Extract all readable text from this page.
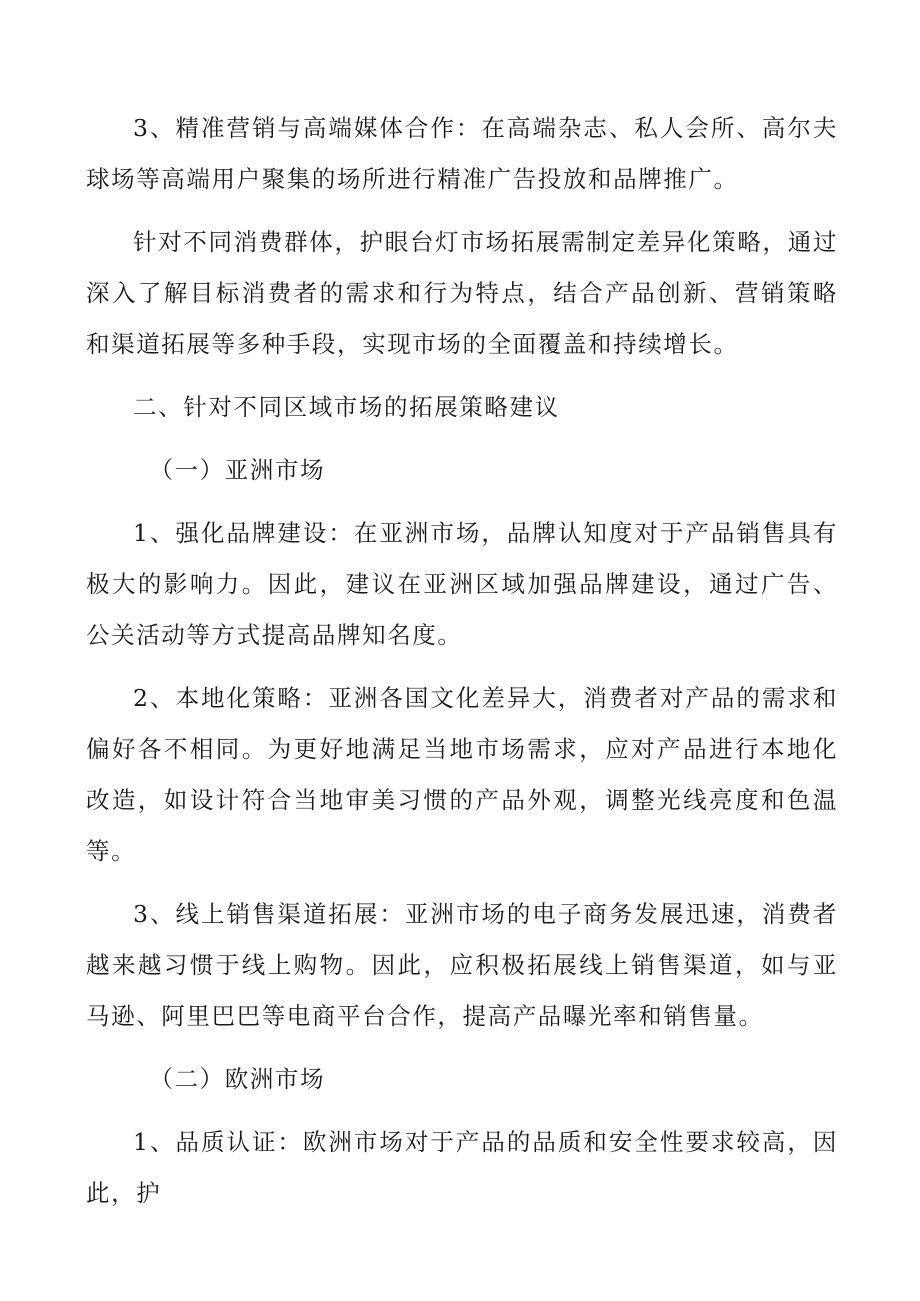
3、精准营销与高端媒体合作：在高端杂志、私人会所、高尔夫球场等高端用户聚集的场所进行精准广告投放和品牌推广。

针对不同消费群体，护眼台灯市场拓展需制定差异化策略，通过深入了解目标消费者的需求和行为特点，结合产品创新、营销策略和渠道拓展等多种手段，实现市场的全面覆盖和持续增长。

二、针对不同区域市场的拓展策略建议

（一）亚洲市场

1、强化品牌建设：在亚洲市场，品牌认知度对于产品销售具有极大的影响力。因此，建议在亚洲区域加强品牌建设，通过广告、公关活动等方式提高品牌知名度。

2、本地化策略：亚洲各国文化差异大，消费者对产品的需求和偏好各不相同。为更好地满足当地市场需求，应对产品进行本地化改造，如设计符合当地审美习惯的产品外观，调整光线亮度和色温等。

3、线上销售渠道拓展：亚洲市场的电子商务发展迅速，消费者越来越习惯于线上购物。因此，应积极拓展线上销售渠道，如与亚马逊、阿里巴巴等电商平台合作，提高产品曝光率和销售量。

（二）欧洲市场

1、品质认证：欧洲市场对于产品的品质和安全性要求较高，因此，护
